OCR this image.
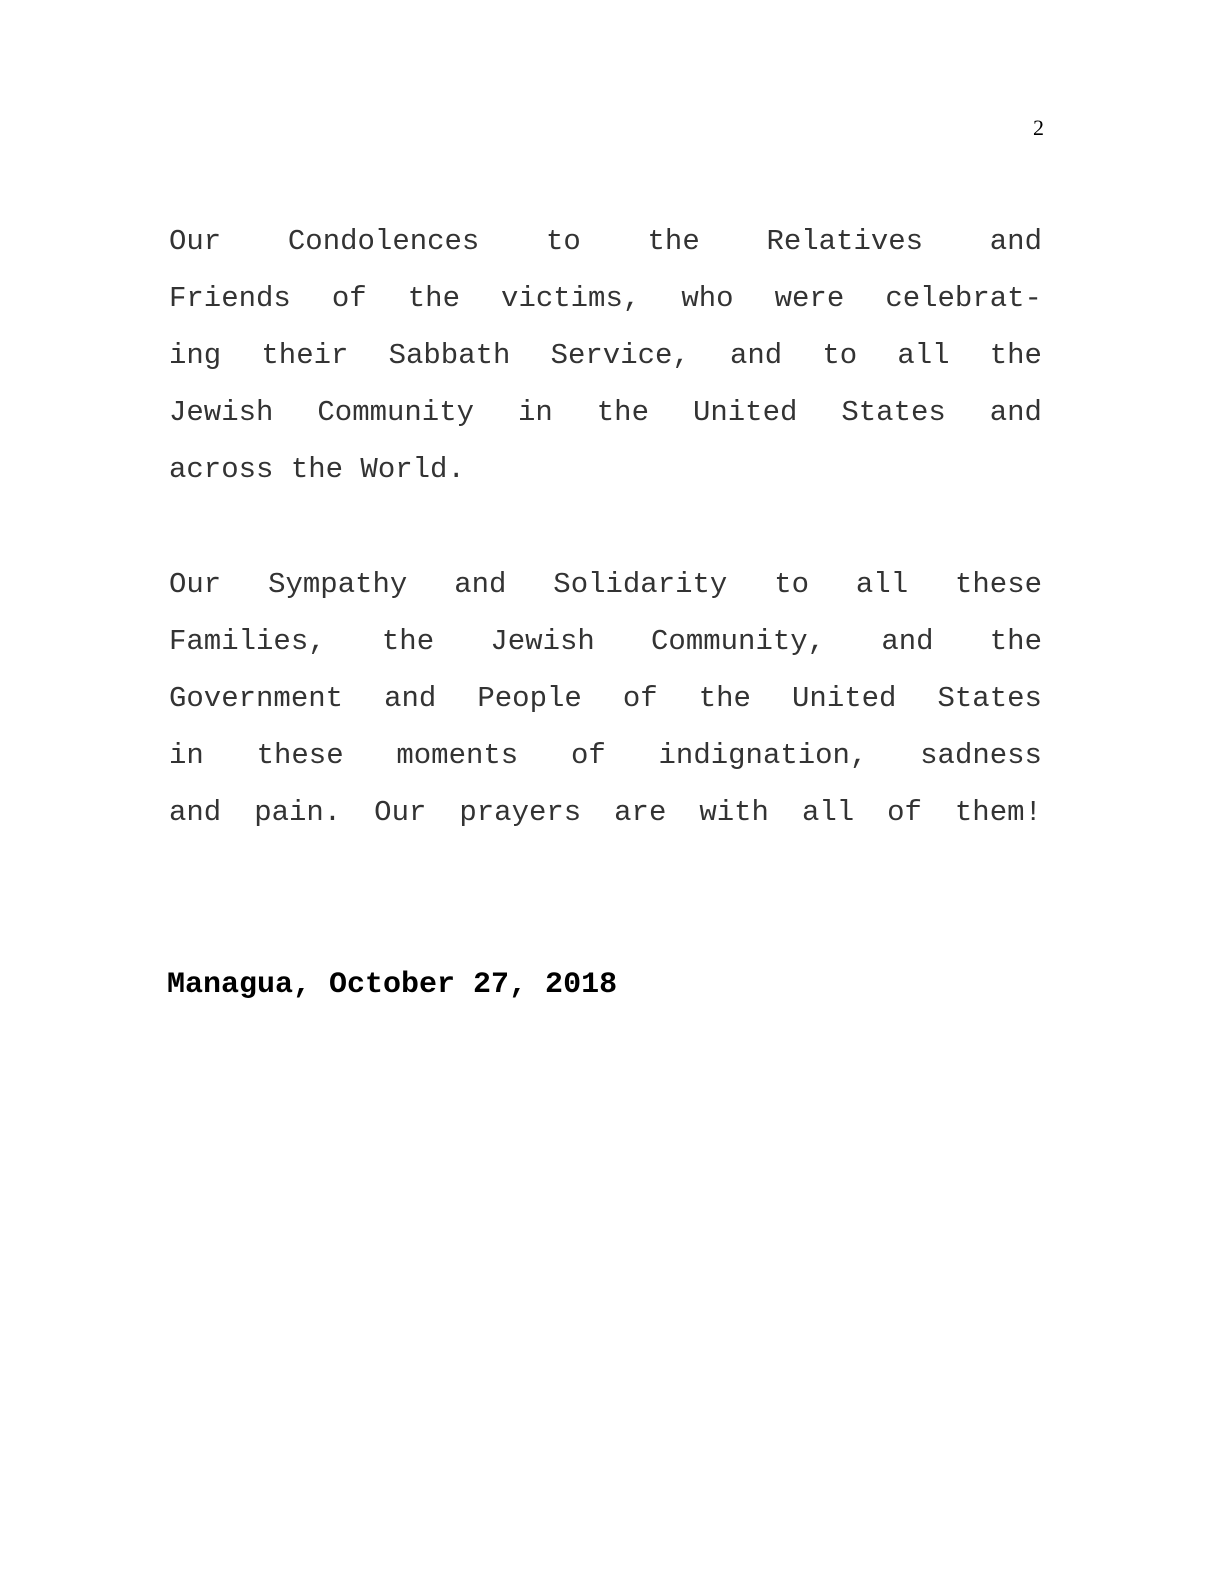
2
Our Condolences to the Relatives and
Friends of the victims, who were celebrat-
ing their Sabbath Service, and to all the
Jewish Community in the United States and
across the World.
Our Sympathy and Solidarity to all these
Families, the Jewish Community, and the
Government and People of the United States
in these moments of indignation, sadness
and pain. Our prayers are with all of them!
Managua, October 27, 2018
